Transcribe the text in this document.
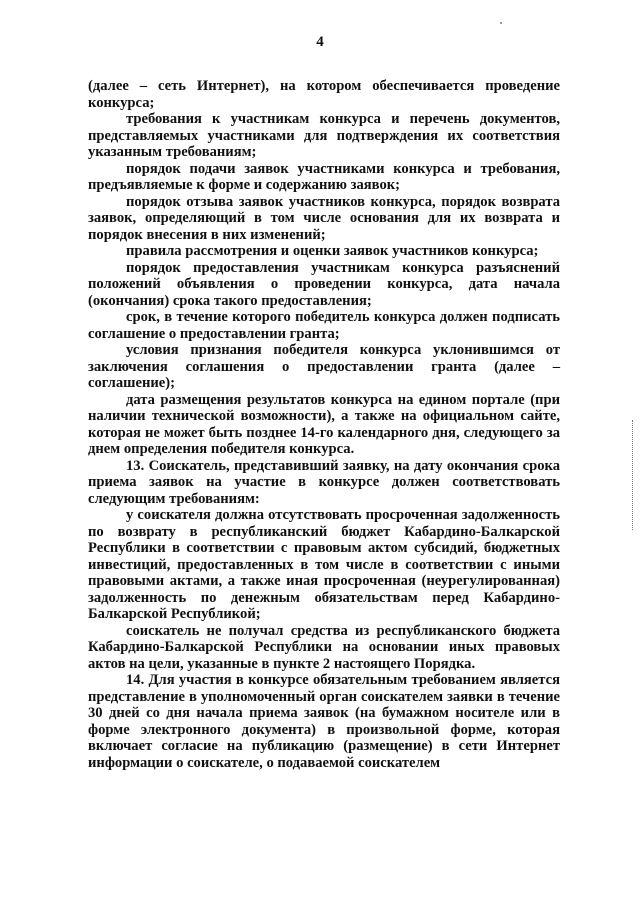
4

(далее – сеть Интернет), на котором обеспечивается проведение конкурса;

требования к участникам конкурса и перечень документов, представляемых участниками для подтверждения их соответствия указанным требованиям;

порядок подачи заявок участниками конкурса и требования, предъявляемые к форме и содержанию заявок;

порядок отзыва заявок участников конкурса, порядок возврата заявок, определяющий в том числе основания для их возврата и порядок внесения в них изменений;

правила рассмотрения и оценки заявок участников конкурса;

порядок предоставления участникам конкурса разъяснений положений объявления о проведении конкурса, дата начала (окончания) срока такого предоставления;

срок, в течение которого победитель конкурса должен подписать соглашение о предоставлении гранта;

условия признания победителя конкурса уклонившимся от заключения соглашения о предоставлении гранта (далее – соглашение);

дата размещения результатов конкурса на едином портале (при наличии технической возможности), а также на официальном сайте, которая не может быть позднее 14-го календарного дня, следующего за днем определения победителя конкурса.

13. Соискатель, представивший заявку, на дату окончания срока приема заявок на участие в конкурсе должен соответствовать следующим требованиям:

у соискателя должна отсутствовать просроченная задолженность по возврату в республиканский бюджет Кабардино-Балкарской Республики в соответствии с правовым актом субсидий, бюджетных инвестиций, предоставленных в том числе в соответствии с иными правовыми актами, а также иная просроченная (неурегулированная) задолженность по денежным обязательствам перед Кабардино-Балкарской Республикой;

соискатель не получал средства из республиканского бюджета Кабардино-Балкарской Республики на основании иных правовых актов на цели, указанные в пункте 2 настоящего Порядка.

14. Для участия в конкурсе обязательным требованием является представление в уполномоченный орган соискателем заявки в течение 30 дней со дня начала приема заявок (на бумажном носителе или в форме электронного документа) в произвольной форме, которая включает согласие на публикацию (размещение) в сети Интернет информации о соискателе, о подаваемой соискателем
